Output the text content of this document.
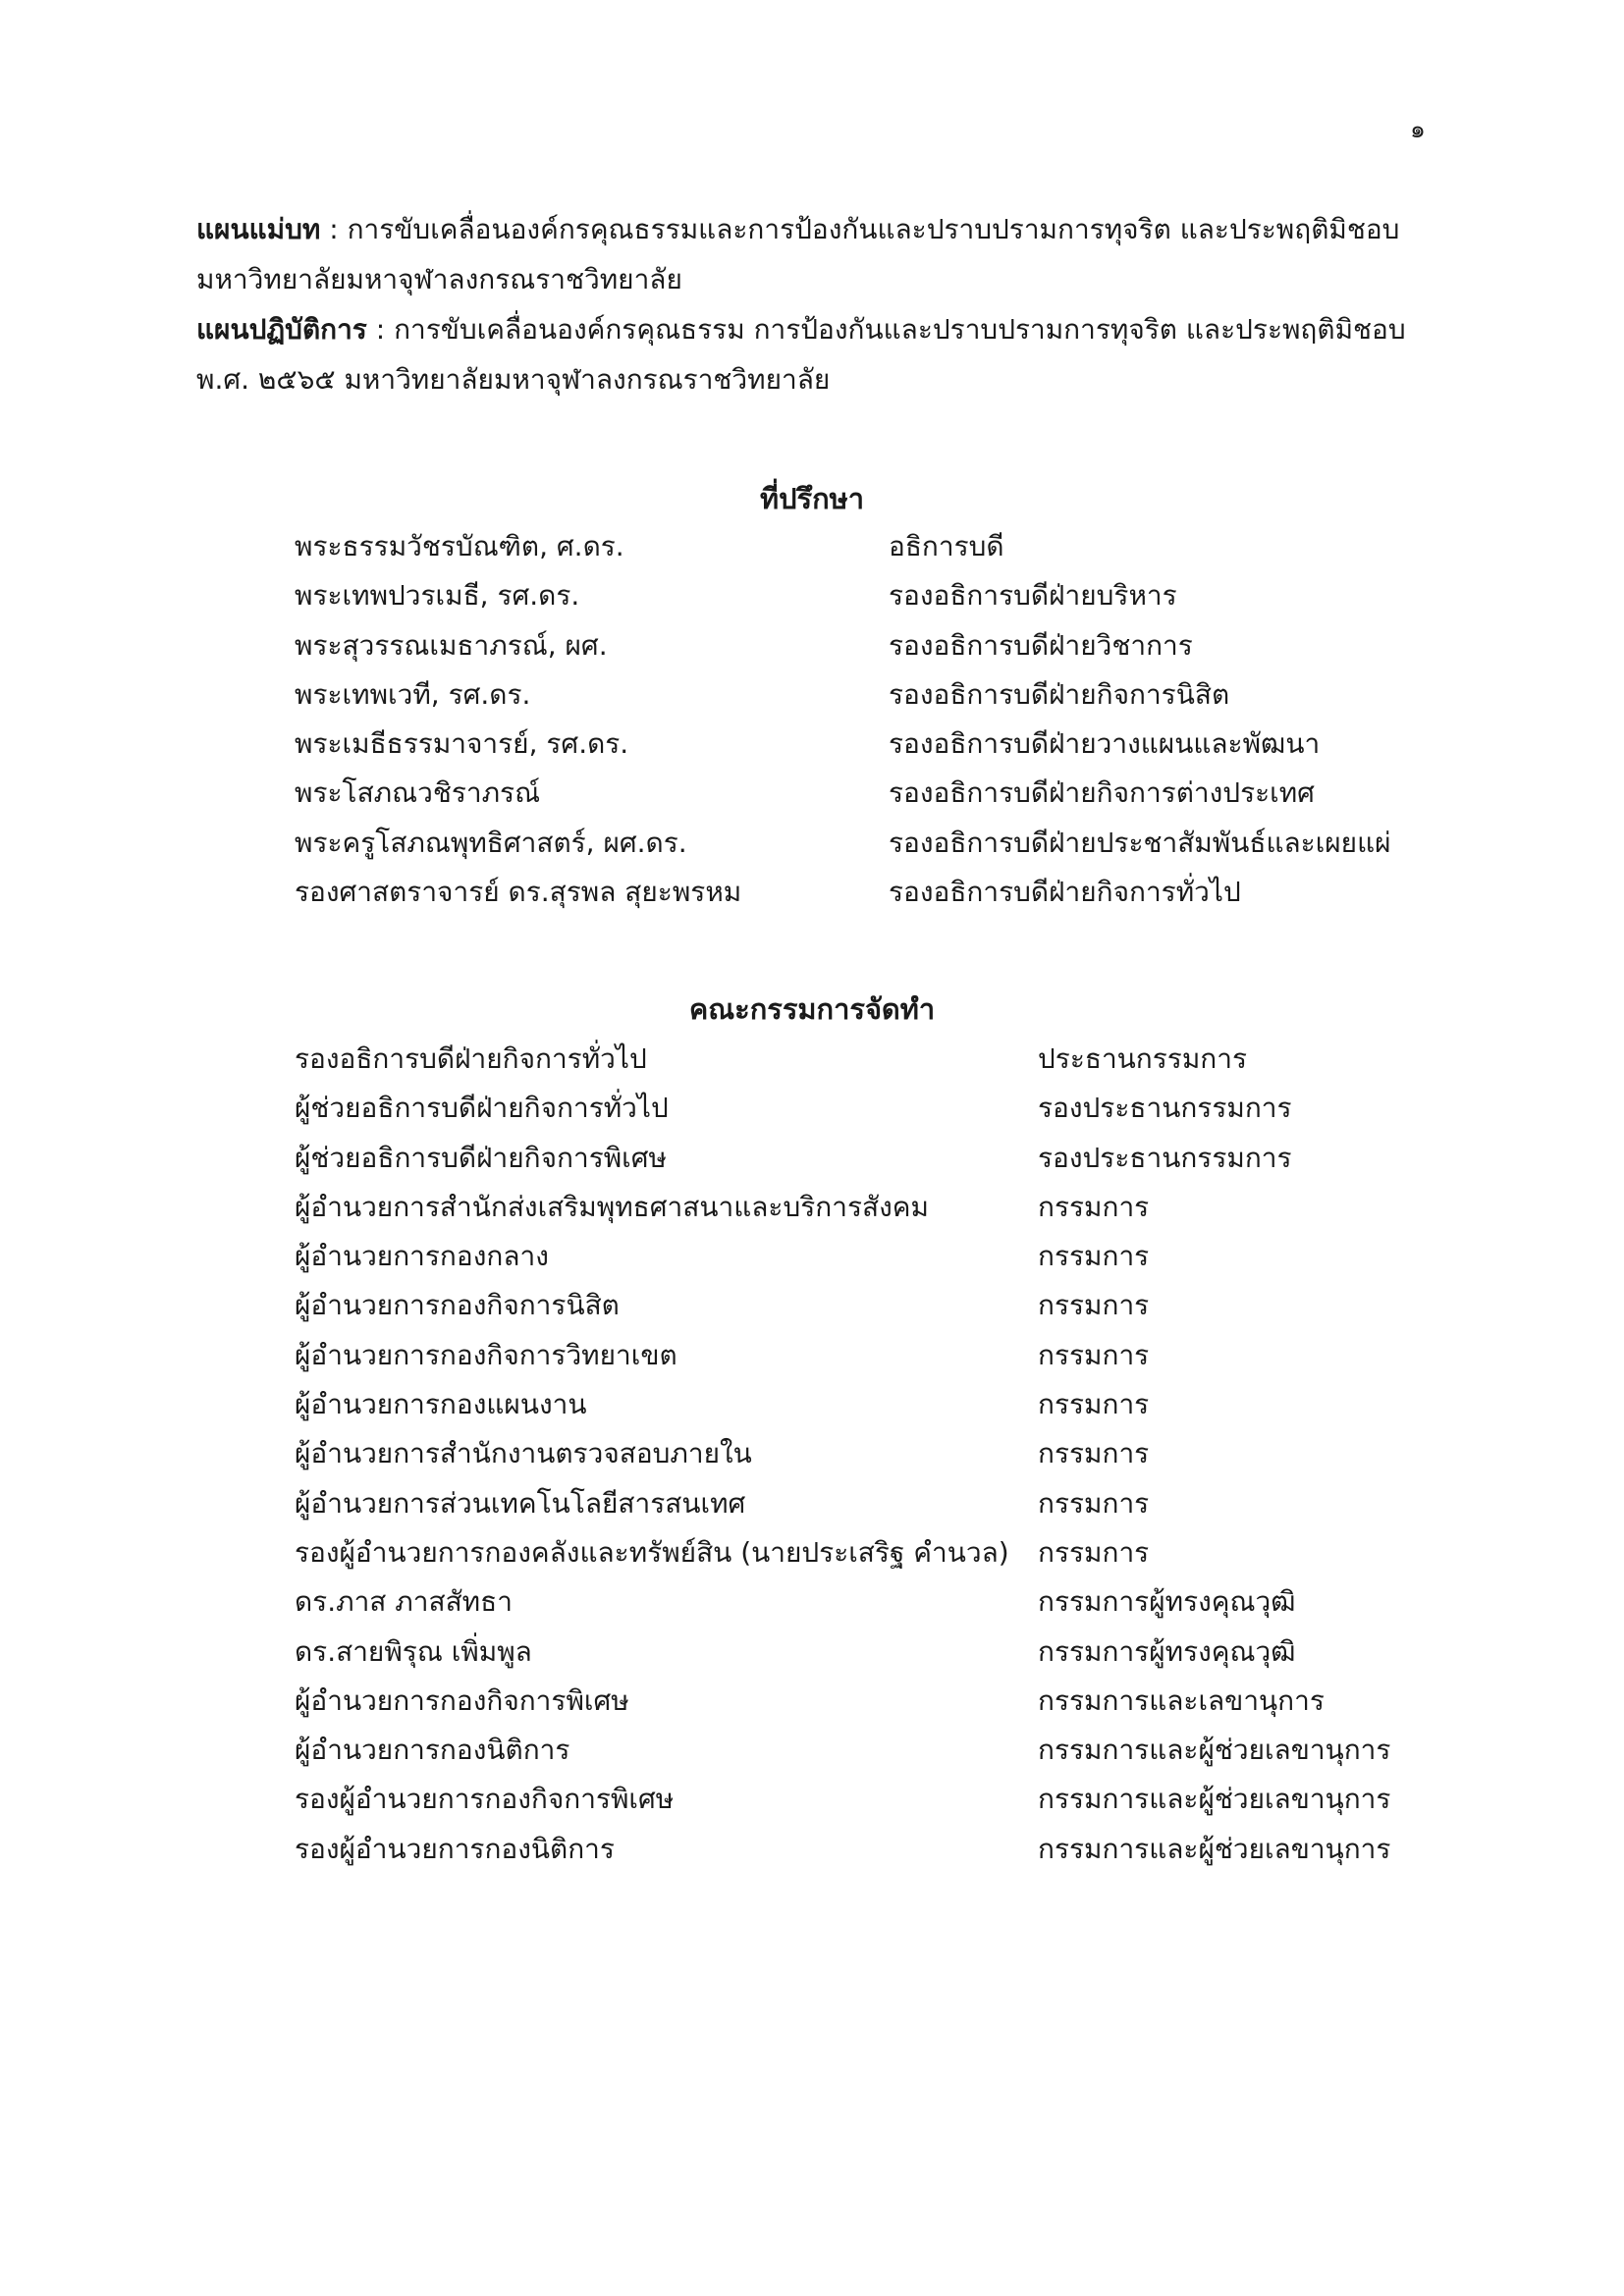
๑

แผนแม่บท : การขับเคลื่อนองค์กรคุณธรรมและการป้องกันและปราบปรามการทุจริต และประพฤติมิชอบ

มหาวิทยาลัยมหาจุฬาลงกรณราชวิทยาลัย

แผนปฏิบัติการ : การขับเคลื่อนองค์กรคุณธรรม การป้องกันและปราบปรามการทุจริต และประพฤติมิชอบ

พ.ศ. ๒๕๖๕ มหาวิทยาลัยมหาจุฬาลงกรณราชวิทยาลัย

ที่ปรึกษา
พระธรรมวัชรบัณฑิต, ศ.ดร.	อธิการบดี
พระเทพปวรเมธี, รศ.ดร.	รองอธิการบดีฝ่ายบริหาร
พระสุวรรณเมธาภรณ์, ผศ.	รองอธิการบดีฝ่ายวิชาการ
พระเทพเวที, รศ.ดร.	รองอธิการบดีฝ่ายกิจการนิสิต
พระเมธีธรรมาจารย์, รศ.ดร.	รองอธิการบดีฝ่ายวางแผนและพัฒนา
พระโสภณวชิราภรณ์	รองอธิการบดีฝ่ายกิจการต่างประเทศ
พระครูโสภณพุทธิศาสตร์, ผศ.ดร.	รองอธิการบดีฝ่ายประชาสัมพันธ์และเผยแผ่
รองศาสตราจารย์ ดร.สุรพล สุยะพรหม	รองอธิการบดีฝ่ายกิจการทั่วไป
คณะกรรมการจัดทำ
รองอธิการบดีฝ่ายกิจการทั่วไป	ประธานกรรมการ
ผู้ช่วยอธิการบดีฝ่ายกิจการทั่วไป	รองประธานกรรมการ
ผู้ช่วยอธิการบดีฝ่ายกิจการพิเศษ	รองประธานกรรมการ
ผู้อำนวยการสำนักส่งเสริมพุทธศาสนาและบริการสังคม	กรรมการ
ผู้อำนวยการกองกลาง	กรรมการ
ผู้อำนวยการกองกิจการนิสิต	กรรมการ
ผู้อำนวยการกองกิจการวิทยาเขต	กรรมการ
ผู้อำนวยการกองแผนงาน	กรรมการ
ผู้อำนวยการสำนักงานตรวจสอบภายใน	กรรมการ
ผู้อำนวยการส่วนเทคโนโลยีสารสนเทศ	กรรมการ
รองผู้อำนวยการกองคลังและทรัพย์สิน (นายประเสริฐ คำนวล)	กรรมการ
ดร.ภาส ภาสสัทธา	กรรมการผู้ทรงคุณวุฒิ
ดร.สายพิรุณ เพิ่มพูล	กรรมการผู้ทรงคุณวุฒิ
ผู้อำนวยการกองกิจการพิเศษ	กรรมการและเลขานุการ
ผู้อำนวยการกองนิติการ	กรรมการและผู้ช่วยเลขานุการ
รองผู้อำนวยการกองกิจการพิเศษ	กรรมการและผู้ช่วยเลขานุการ
รองผู้อำนวยการกองนิติการ	กรรมการและผู้ช่วยเลขานุการ
